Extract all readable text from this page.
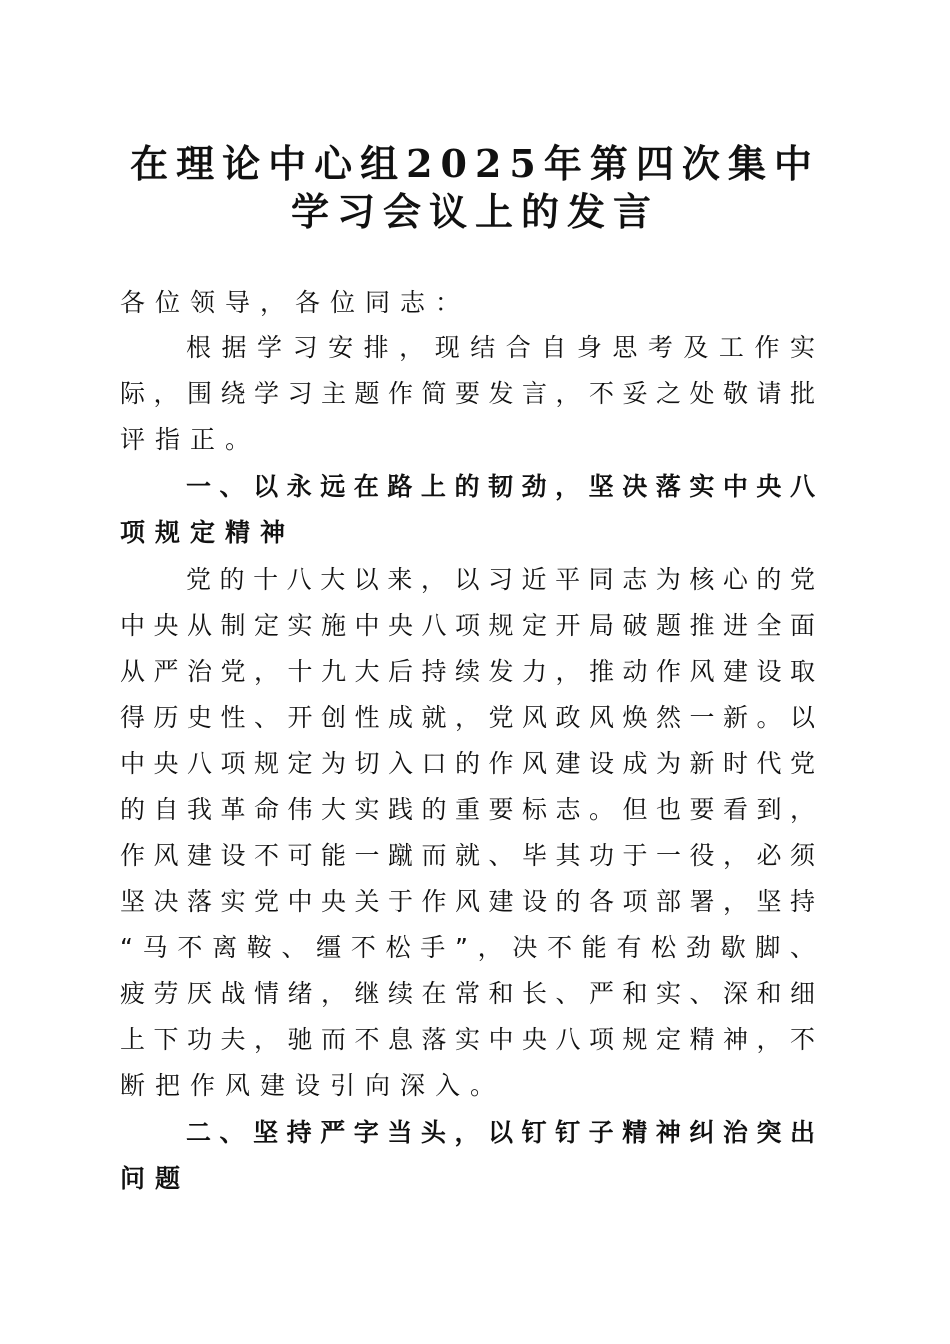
在理论中心组2025年第四次集中
学习会议上的发言
各位领导，各位同志：
根据学习安排，现结合自身思考及工作实
际，围绕学习主题作简要发言，不妥之处敬请批
评指正。
一、以永远在路上的韧劲，坚决落实中央八
项规定精神
党的十八大以来，以习近平同志为核心的党
中央从制定实施中央八项规定开局破题推进全面
从严治党，十九大后持续发力，推动作风建设取
得历史性、开创性成就，党风政风焕然一新。以
中央八项规定为切入口的作风建设成为新时代党
的自我革命伟大实践的重要标志。但也要看到，
作风建设不可能一蹴而就、毕其功于一役，必须
坚决落实党中央关于作风建设的各项部署，坚持
“马不离鞍、缰不松手”，决不能有松劲歇脚、
疲劳厌战情绪，继续在常和长、严和实、深和细
上下功夫，驰而不息落实中央八项规定精神，不
断把作风建设引向深入。
二、坚持严字当头，以钉钉子精神纠治突出
问题
